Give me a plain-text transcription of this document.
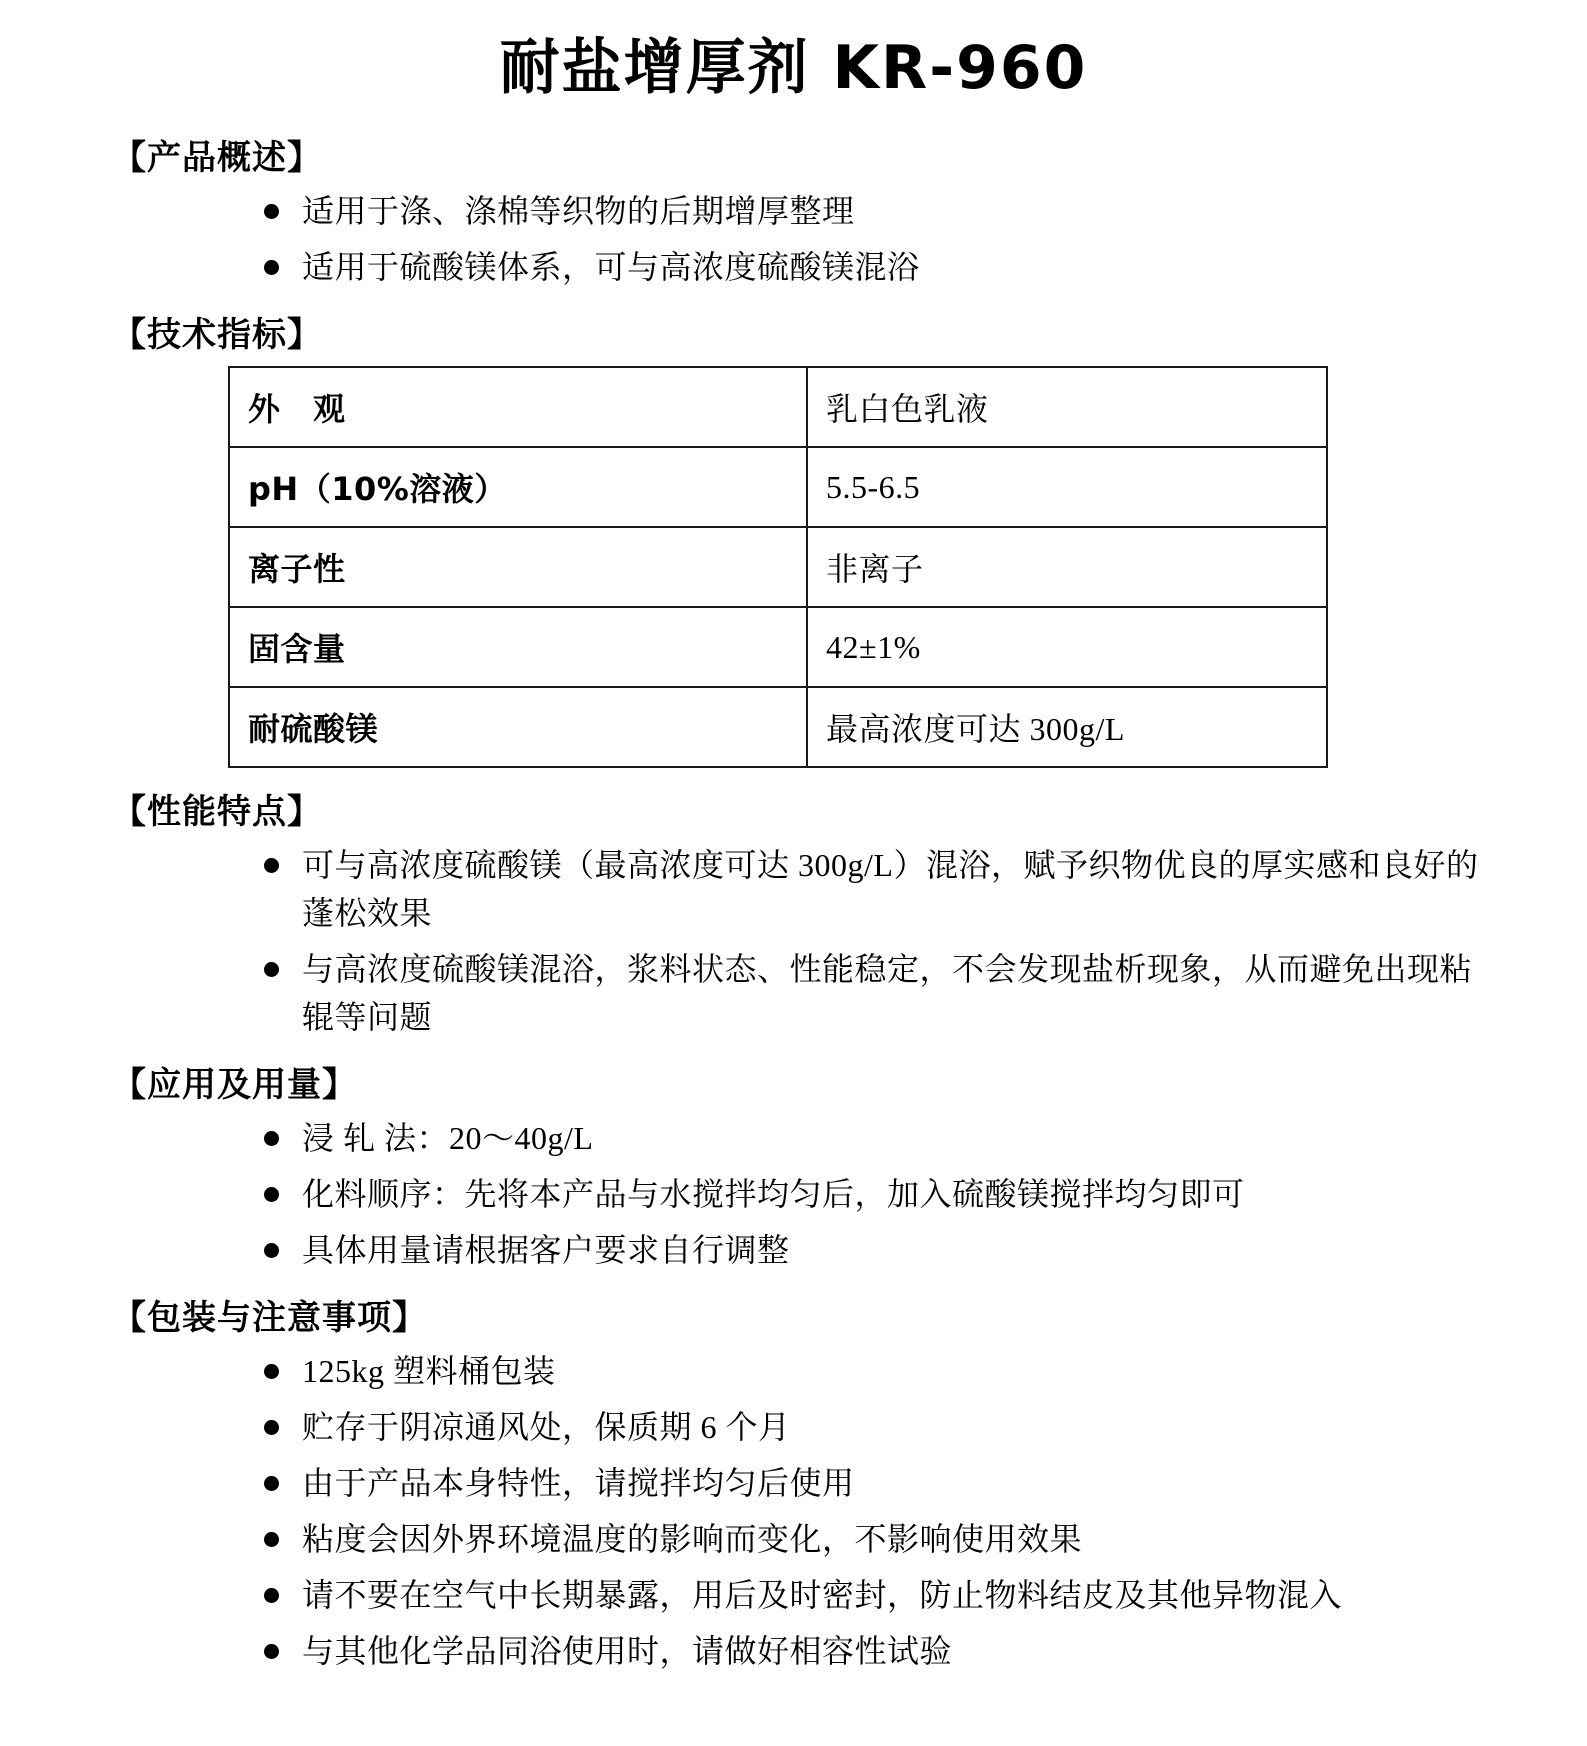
耐盐增厚剂 KR-960
【产品概述】
适用于涤、涤棉等织物的后期增厚整理
适用于硫酸镁体系，可与高浓度硫酸镁混浴
【技术指标】
外　观	乳白色乳液
pH（10%溶液）	5.5-6.5
离子性	非离子
固含量	42±1%
耐硫酸镁	最高浓度可达 300g/L
【性能特点】
可与高浓度硫酸镁（最高浓度可达 300g/L）混浴，赋予织物优良的厚实感和良好的蓬松效果
与高浓度硫酸镁混浴，浆料状态、性能稳定，不会发现盐析现象，从而避免出现粘辊等问题
【应用及用量】
浸 轧 法：20～40g/L
化料顺序：先将本产品与水搅拌均匀后，加入硫酸镁搅拌均匀即可
具体用量请根据客户要求自行调整
【包装与注意事项】
125kg 塑料桶包装
贮存于阴凉通风处，保质期 6 个月
由于产品本身特性，请搅拌均匀后使用
粘度会因外界环境温度的影响而变化，不影响使用效果
请不要在空气中长期暴露，用后及时密封，防止物料结皮及其他异物混入
与其他化学品同浴使用时，请做好相容性试验
